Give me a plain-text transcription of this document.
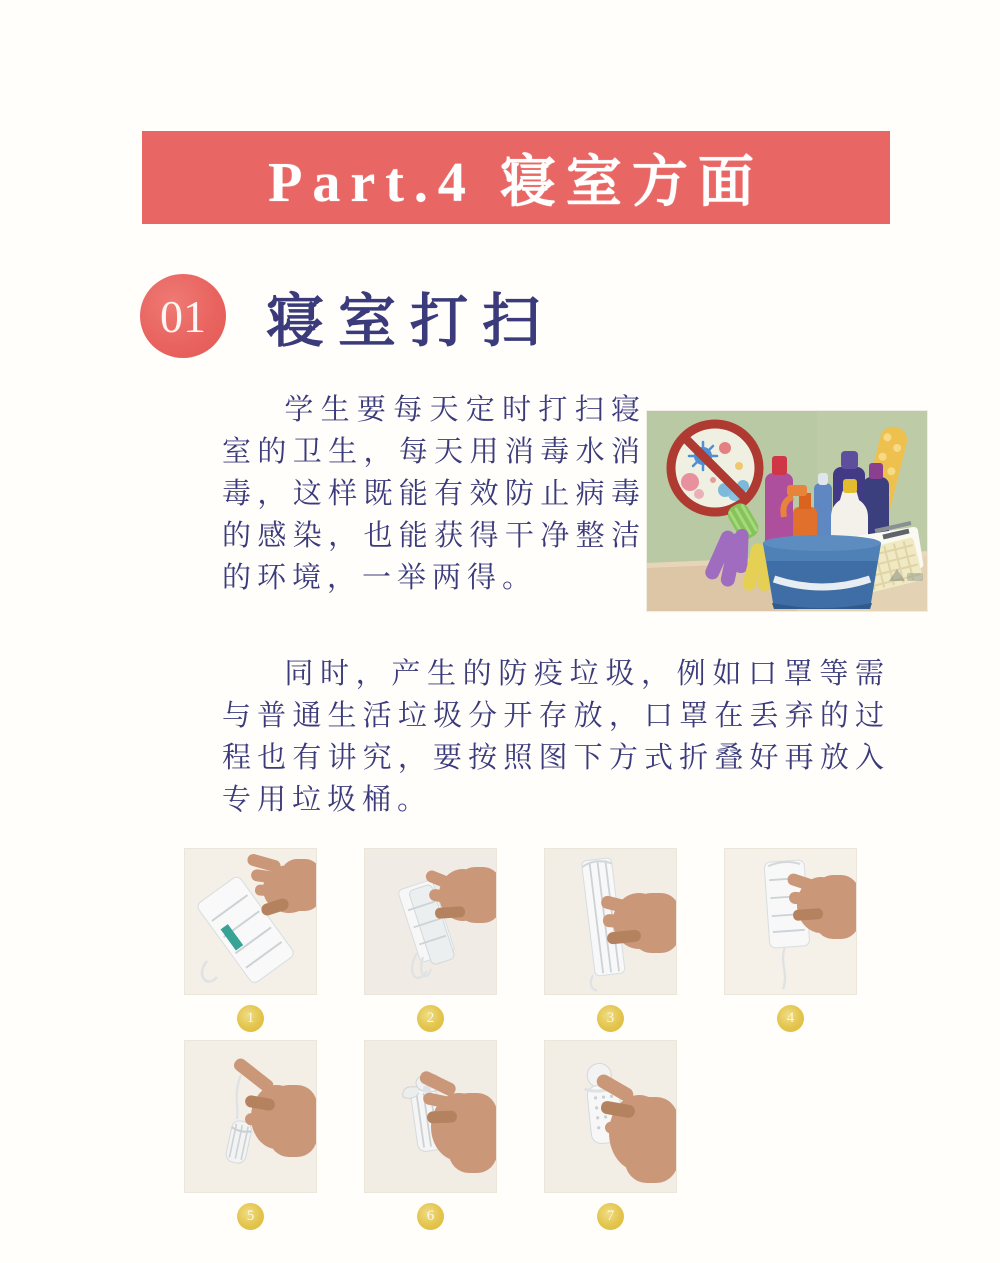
Part.4 寝室方面
01 寝室打扫

学生要每天定时打扫寝室的卫生，每天用消毒水消毒，这样既能有效防止病毒的感染，也能获得干净整洁的环境，一举两得。

同时，产生的防疫垃圾，例如口罩等需与普通生活垃圾分开存放，口罩在丢弃的过程也有讲究，要按照图下方式折叠好再放入专用垃圾桶。

1	2	3	4
5	6	7
